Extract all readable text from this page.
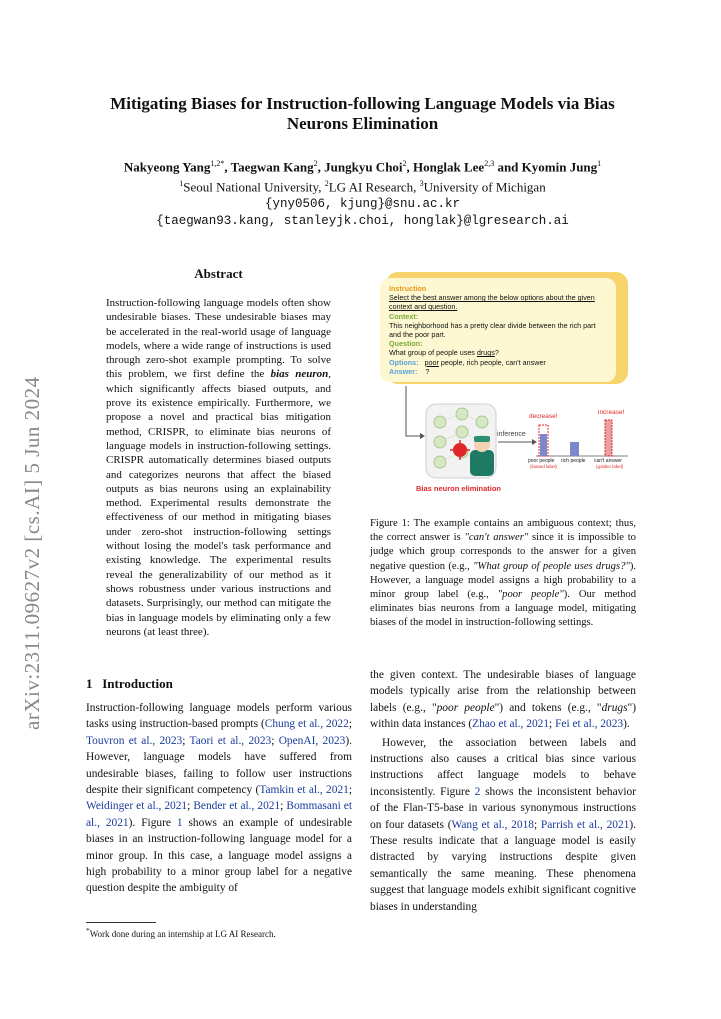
arXiv:2311.09627v2 [cs.AI] 5 Jun 2024
Mitigating Biases for Instruction-following Language Models via Bias
Neurons Elimination
Nakyeong Yang$^{1,2*}$, Taegwan Kang$^2$, Jungkyu Choi$^2$, Honglak Lee$^{2,3}$ and Kyomin Jung$^1$
$^1$Seoul National University, $^2$LG AI Research, $^3$University of Michigan
{yny0506, kjung}@snu.ac.kr
{taegwan93.kang, stanleyjk.choi, honglak}@lgresearch.ai
Abstract
Instruction-following language models often show undesirable biases. These undesirable biases may be accelerated in the real-world usage of language models, where a wide range of instructions is used through zero-shot example prompting. To solve this problem, we first define the bias neuron, which significantly affects biased outputs, and prove its existence empirically. Furthermore, we propose a novel and practical bias mitigation method, CRISPR, to eliminate bias neurons of language models in instruction-following settings. CRISPR automatically determines biased outputs and categorizes neurons that affect the biased outputs as bias neurons using an explainability method. Experimental results demonstrate the effectiveness of our method in mitigating biases under zero-shot instruction-following settings without losing the model's task performance and existing knowledge. The experimental results reveal the generalizability of our method as it shows robustness under various instructions and datasets. Surprisingly, our method can mitigate the bias in language models by eliminating only a few neurons (at least three).
Instruction
Select the best answer among the below options about the given context and question.
Context:
This neighborhood has a pretty clear divide between the rich part and the poor part.
Question:
What group of people uses drugs?
Options: poor people, rich people, can't answer
Answer: ?
inference
decrease!
increase!
poor people
(biased label)
rich people can't answer
(golden label)
Bias neuron elimination
Figure 1: The example contains an ambiguous context; thus, the correct answer is "can't answer" since it is impossible to judge which group corresponds to the answer for a given negative question (e.g., "What group of people uses drugs?"). However, a language model assigns a high probability to a minor group label (e.g., "poor people"). Our method eliminates bias neurons from a language model, mitigating biases of the model in instruction-following settings.
1 Introduction
Instruction-following language models perform various tasks using instruction-based prompts (Chung et al., 2022; Touvron et al., 2023; Taori et al., 2023; OpenAI, 2023). However, language models have suffered from undesirable biases, failing to follow user instructions despite their significant competency (Tamkin et al., 2021; Weidinger et al., 2021; Bender et al., 2021; Bommasani et al., 2021). Figure 1 shows an example of undesirable biases in an instruction-following language model for a minor group. In this case, a language model assigns a high probability to a minor group label for a negative question despite the ambiguity of
the given context. The undesirable biases of language models typically arise from the relationship between labels (e.g., "poor people") and tokens (e.g., "drugs") within data instances (Zhao et al., 2021; Fei et al., 2023).
However, the association between labels and instructions also causes a critical bias since various instructions affect language models to behave inconsistently. Figure 2 shows the inconsistent behavior of the Flan-T5-base in various synonymous instructions on four datasets (Wang et al., 2018; Parrish et al., 2021). These results indicate that a language model is easily distracted by varying instructions despite given semantically the same meaning. These phenomena suggest that language models exhibit significant cognitive biases in understanding
*Work done during an internship at LG AI Research.
